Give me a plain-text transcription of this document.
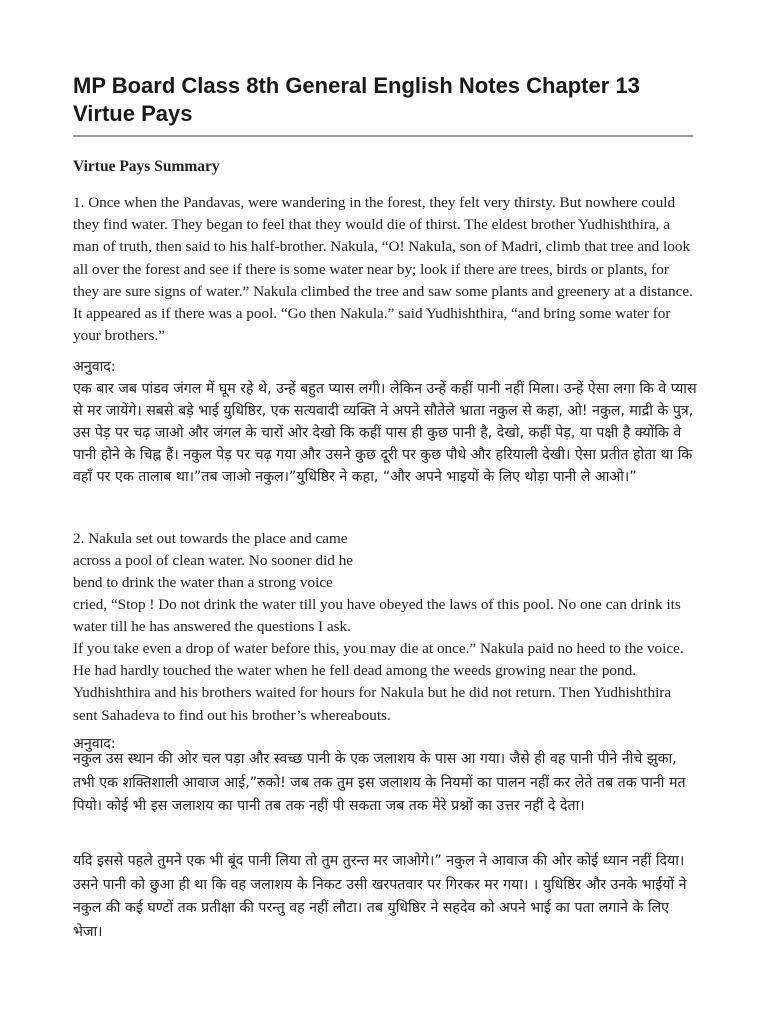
MP Board Class 8th General English Notes Chapter 13 Virtue Pays
Virtue Pays Summary

1. Once when the Pandavas, were wandering in the forest, they felt very thirsty. But nowhere could they find water. They began to feel that they would die of thirst. The eldest brother Yudhishthira, a man of truth, then said to his half-brother. Nakula, “O! Nakula, son of Madri, climb that tree and look all over the forest and see if there is some water near by; look if there are trees, birds or plants, for they are sure signs of water.” Nakula climbed the tree and saw some plants and greenery at a distance. It appeared as if there was a pool. “Go then Nakula.” said Yudhishthira, “and bring some water for your brothers.”

अनुवाद:

एक बार जब पांडव जंगल में घूम रहे थे, उन्हें बहुत प्यास लगी। लेकिन उन्हें कहीं पानी नहीं मिला। उन्हें ऐसा लगा कि वे प्यास से मर जायेंगे। सबसे बड़े भाई युधिष्ठिर, एक सत्यवादी व्यक्ति ने अपने सौतेले भ्राता नकुल से कहा, ओ! नकुल, माद्री के पुत्र, उस पेड़ पर चढ़ जाओ और जंगल के चारों ओर देखो कि कहीं पास ही कुछ पानी है, देखो, कहीं पेड़, या पक्षी है क्योंकि वे पानी होने के चिह्न हैं। नकुल पेड़ पर चढ़ गया और उसने कुछ दूरी पर कुछ पौधे और हरियाली देखी। ऐसा प्रतीत होता था कि वहाँ पर एक तालाब था।”तब जाओ नकुल।”युधिष्ठिर ने कहा, “और अपने भाइयों के लिए थोड़ा पानी ले आओ।”

2. Nakula set out towards the place and came
across a pool of clean water. No sooner did he
bend to drink the water than a strong voice
cried, “Stop ! Do not drink the water till you have obeyed the laws of this pool. No one can drink its water till he has answered the questions I ask.

If you take even a drop of water before this, you may die at once.” Nakula paid no heed to the voice. He had hardly touched the water when he fell dead among the weeds growing near the pond. Yudhishthira and his brothers waited for hours for Nakula but he did not return. Then Yudhishthira sent Sahadeva to find out his brother’s whereabouts.

अनुवाद:

नकुल उस स्थान की ओर चल पड़ा और स्वच्छ पानी के एक जलाशय के पास आ गया। जैसे ही वह पानी पीने नीचे झुका, तभी एक शक्तिशाली आवाज आई,”रुको! जब तक तुम इस जलाशय के नियमों का पालन नहीं कर लेते तब तक पानी मत पियो। कोई भी इस जलाशय का पानी तब तक नहीं पी सकता जब तक मेरे प्रश्नों का उत्तर नहीं दे देता।

यदि इससे पहले तुमने एक भी बूंद पानी लिया तो तुम तुरन्त मर जाओगे।” नकुल ने आवाज की ओर कोई ध्यान नहीं दिया। उसने पानी को छुआ ही था कि वह जलाशय के निकट उसी खरपतवार पर गिरकर मर गया। । युधिष्ठिर और उनके भाईयों ने नकुल की कई घण्टों तक प्रतीक्षा की परन्तु वह नहीं लौटा। तब युधिष्ठिर ने सहदेव को अपने भाई का पता लगाने के लिए भेजा।
